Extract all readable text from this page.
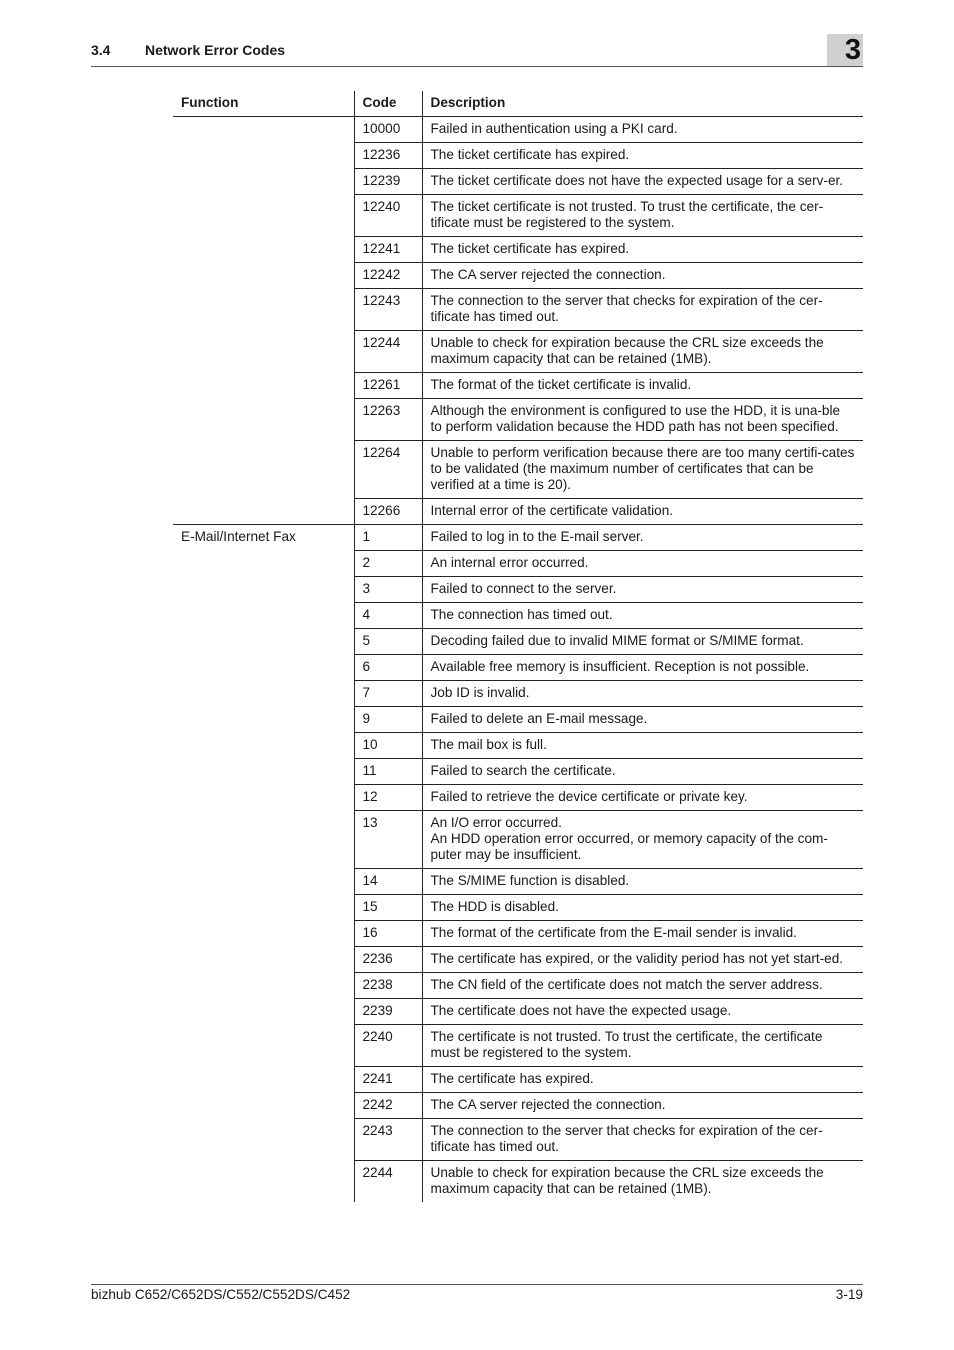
3.4 Network Error Codes	3
Function	Code	Description
	10000	Failed in authentication using a PKI card.
	12236	The ticket certificate has expired.
	12239	The ticket certificate does not have the expected usage for a serv-er.
	12240	The ticket certificate is not trusted. To trust the certificate, the cer-tificate must be registered to the system.
	12241	The ticket certificate has expired.
	12242	The CA server rejected the connection.
	12243	The connection to the server that checks for expiration of the cer-tificate has timed out.
	12244	Unable to check for expiration because the CRL size exceeds the maximum capacity that can be retained (1MB).
	12261	The format of the ticket certificate is invalid.
	12263	Although the environment is configured to use the HDD, it is una-ble to perform validation because the HDD path has not been specified.
	12264	Unable to perform verification because there are too many certifi-cates to be validated (the maximum number of certificates that can be verified at a time is 20).
	12266	Internal error of the certificate validation.
E-Mail/Internet Fax	1	Failed to log in to the E-mail server.
	2	An internal error occurred.
	3	Failed to connect to the server.
	4	The connection has timed out.
	5	Decoding failed due to invalid MIME format or S/MIME format.
	6	Available free memory is insufficient. Reception is not possible.
	7	Job ID is invalid.
	9	Failed to delete an E-mail message.
	10	The mail box is full.
	11	Failed to search the certificate.
	12	Failed to retrieve the device certificate or private key.
	13	An I/O error occurred.
An HDD operation error occurred, or memory capacity of the com-puter may be insufficient.
	14	The S/MIME function is disabled.
	15	The HDD is disabled.
	16	The format of the certificate from the E-mail sender is invalid.
	2236	The certificate has expired, or the validity period has not yet start-ed.
	2238	The CN field of the certificate does not match the server address.
	2239	The certificate does not have the expected usage.
	2240	The certificate is not trusted. To trust the certificate, the certificate must be registered to the system.
	2241	The certificate has expired.
	2242	The CA server rejected the connection.
	2243	The connection to the server that checks for expiration of the cer-tificate has timed out.
	2244	Unable to check for expiration because the CRL size exceeds the maximum capacity that can be retained (1MB).
bizhub C652/C652DS/C552/C552DS/C452	3-19
